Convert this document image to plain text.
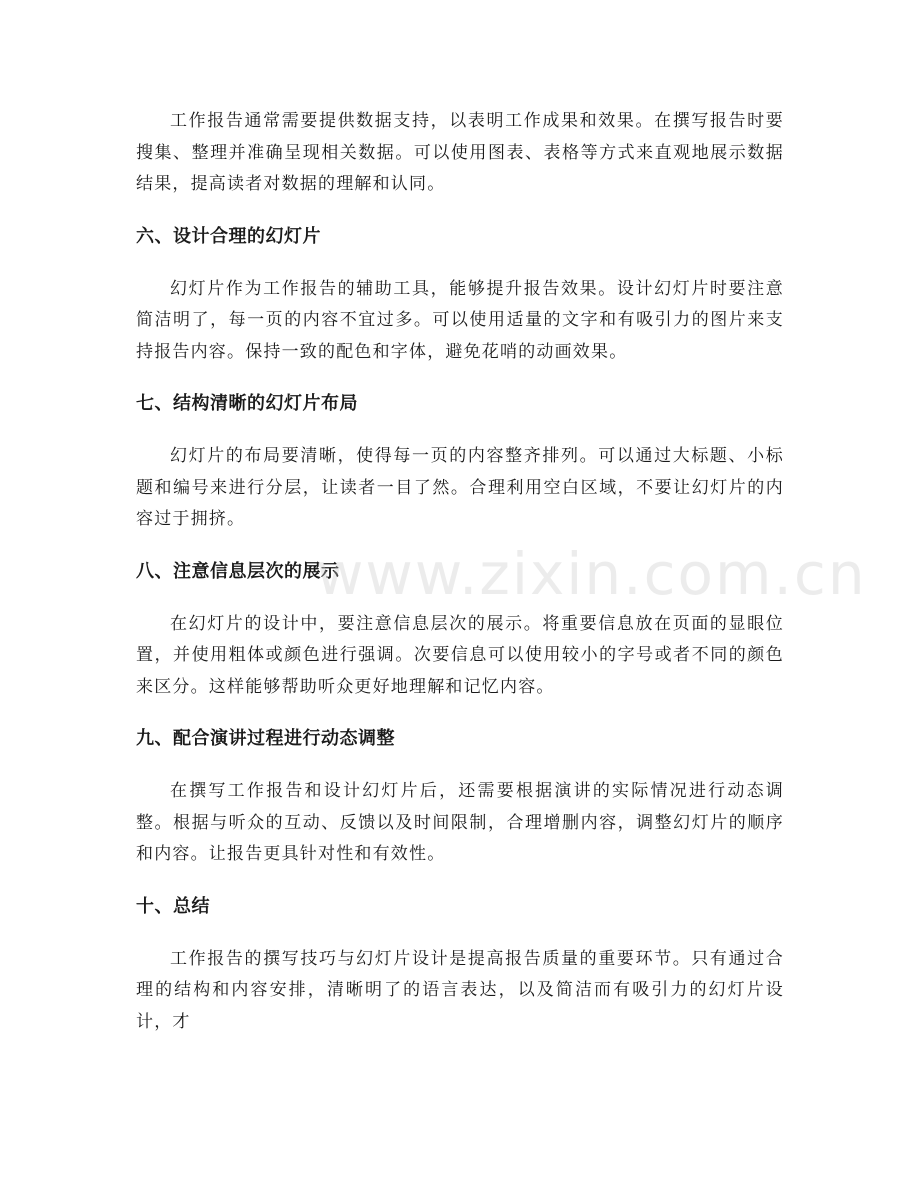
工作报告通常需要提供数据支持，以表明工作成果和效果。在撰写报告时要搜集、整理并准确呈现相关数据。可以使用图表、表格等方式来直观地展示数据结果，提高读者对数据的理解和认同。

六、设计合理的幻灯片

幻灯片作为工作报告的辅助工具，能够提升报告效果。设计幻灯片时要注意简洁明了，每一页的内容不宜过多。可以使用适量的文字和有吸引力的图片来支持报告内容。保持一致的配色和字体，避免花哨的动画效果。

七、结构清晰的幻灯片布局

幻灯片的布局要清晰，使得每一页的内容整齐排列。可以通过大标题、小标题和编号来进行分层，让读者一目了然。合理利用空白区域，不要让幻灯片的内容过于拥挤。

八、注意信息层次的展示

在幻灯片的设计中，要注意信息层次的展示。将重要信息放在页面的显眼位置，并使用粗体或颜色进行强调。次要信息可以使用较小的字号或者不同的颜色来区分。这样能够帮助听众更好地理解和记忆内容。

九、配合演讲过程进行动态调整

在撰写工作报告和设计幻灯片后，还需要根据演讲的实际情况进行动态调整。根据与听众的互动、反馈以及时间限制，合理增删内容，调整幻灯片的顺序和内容。让报告更具针对性和有效性。

十、总结

工作报告的撰写技巧与幻灯片设计是提高报告质量的重要环节。只有通过合理的结构和内容安排，清晰明了的语言表达，以及简洁而有吸引力的幻灯片设计，才

www.zixin.com.cn
